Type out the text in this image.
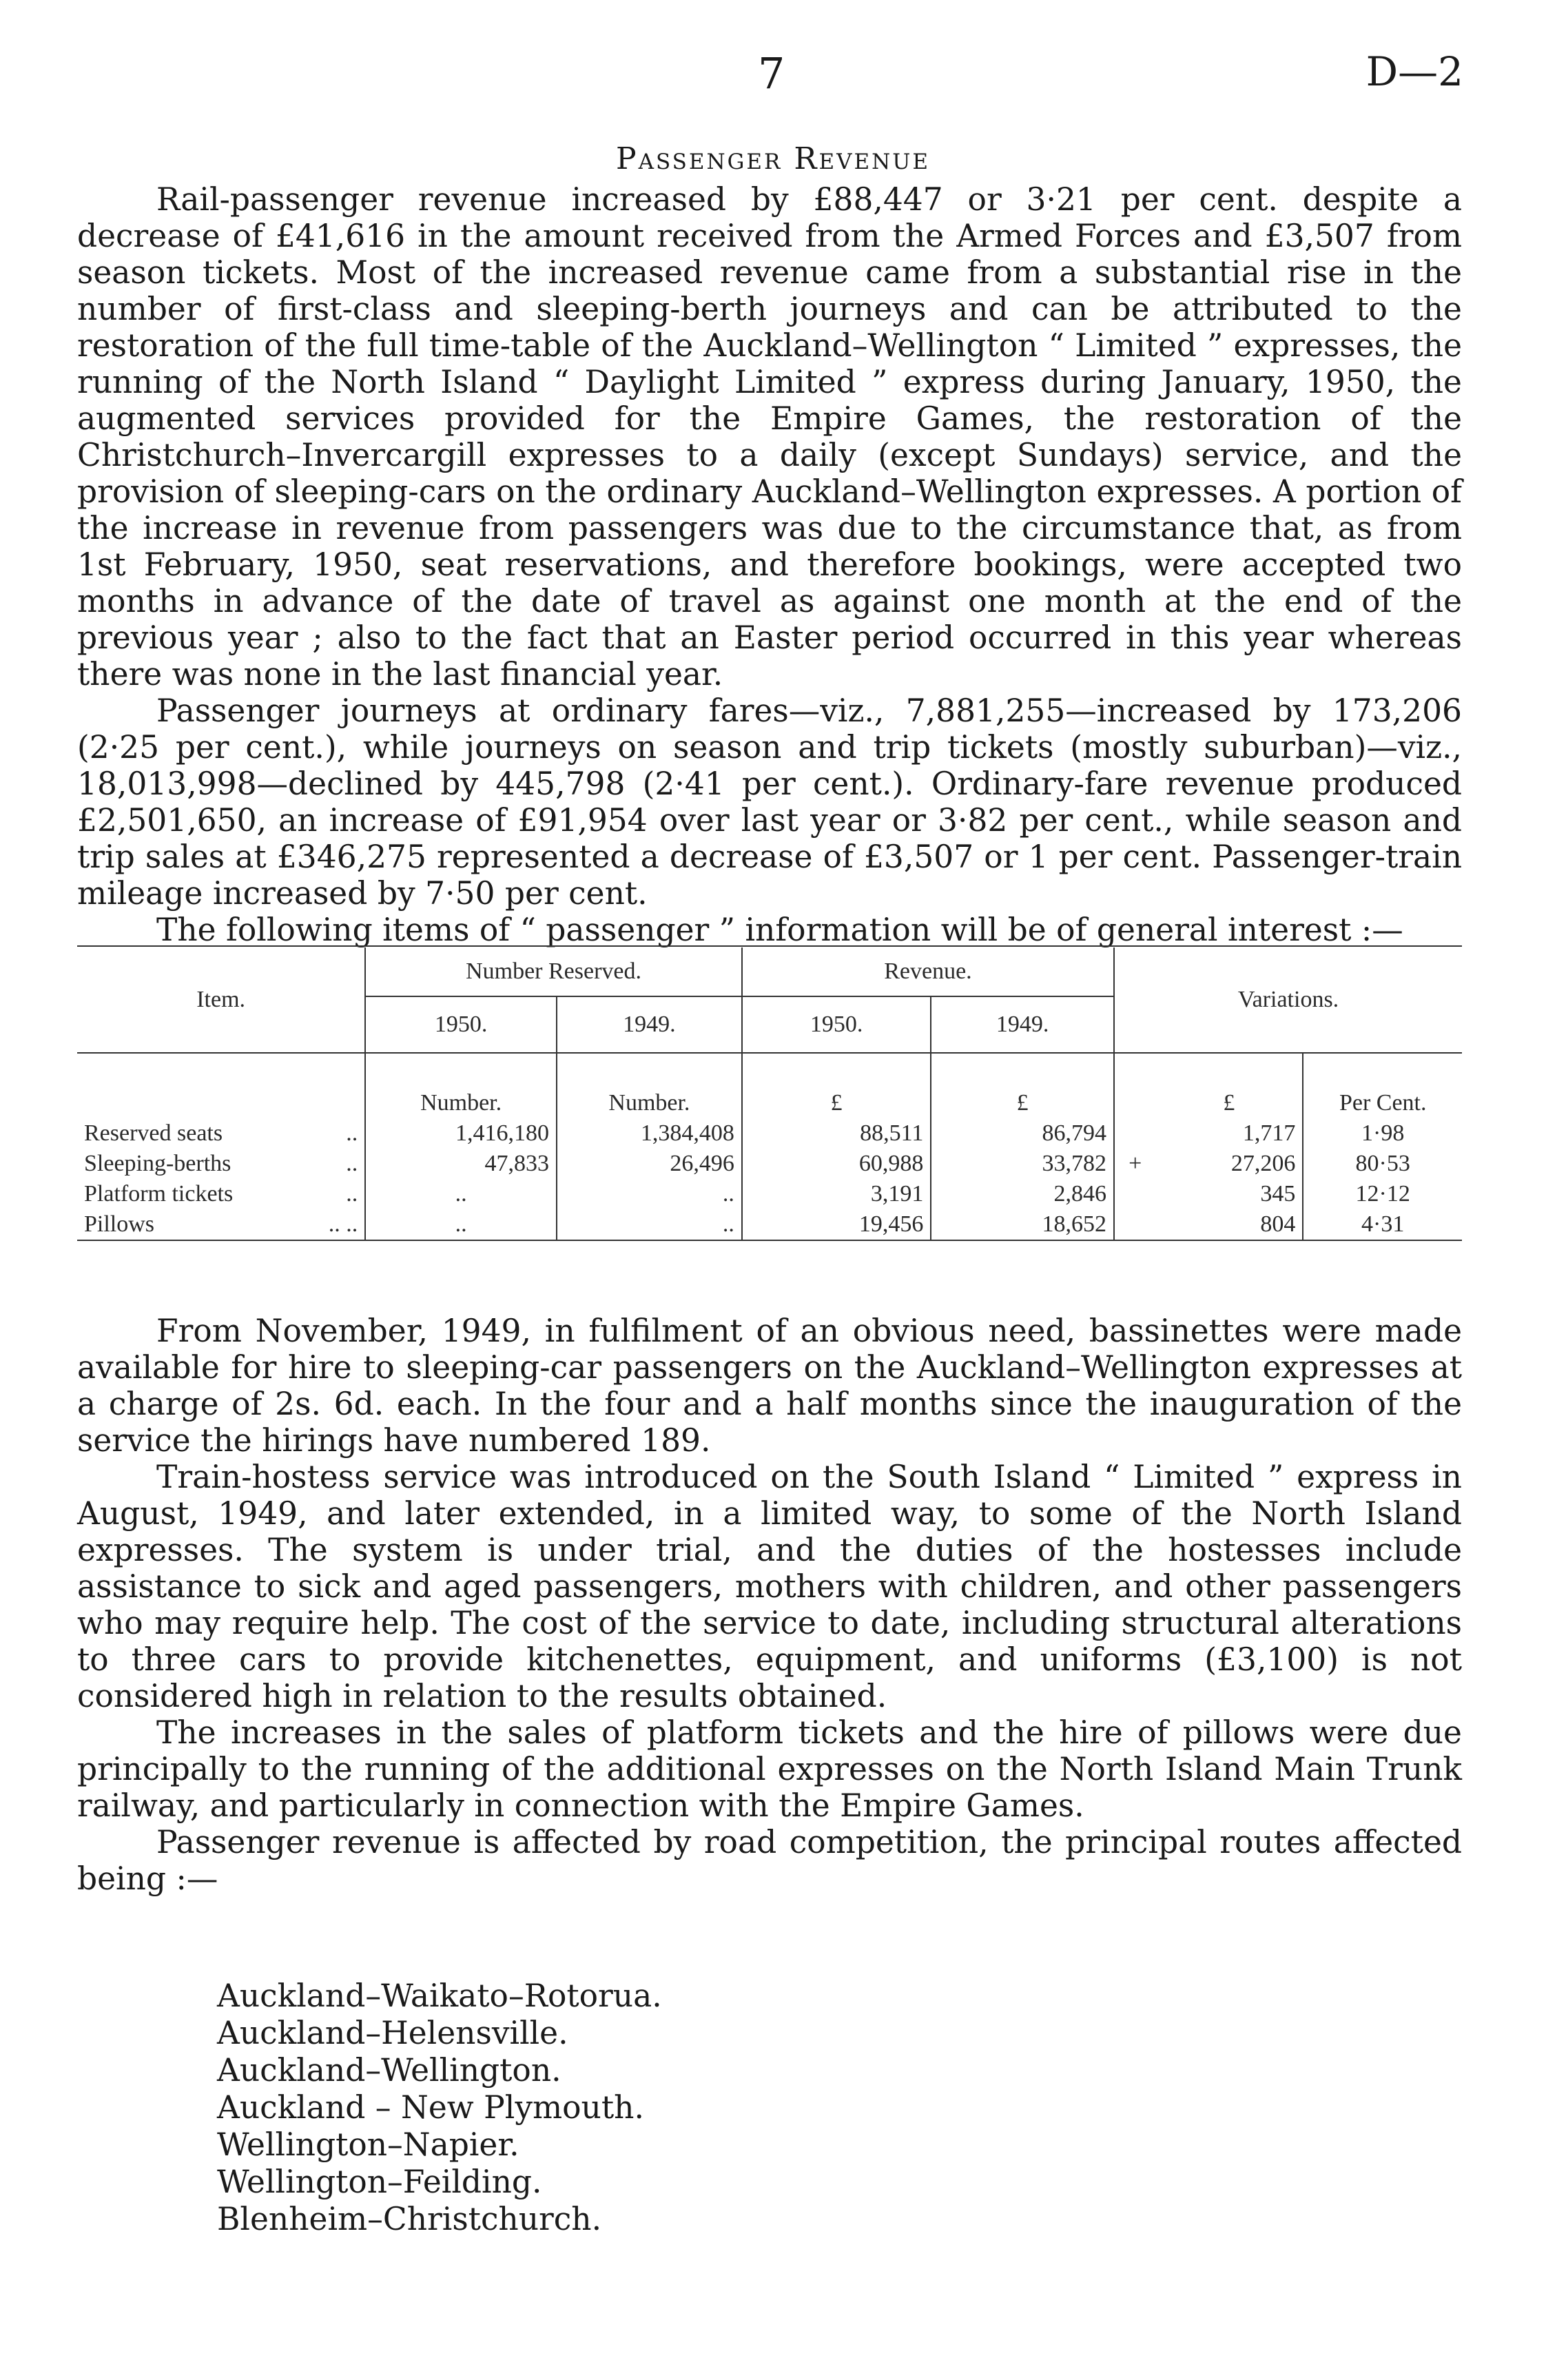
7	D—2
Passenger Revenue

Rail-passenger revenue increased by £88,447 or 3·21 per cent. despite a decrease of £41,616 in the amount received from the Armed Forces and £3,507 from season tickets. Most of the increased revenue came from a substantial rise in the number of first-class and sleeping-berth journeys and can be attributed to the restoration of the full time-table of the Auckland–Wellington “ Limited ” expresses, the running of the North Island “ Daylight Limited ” express during January, 1950, the augmented services provided for the Empire Games, the restoration of the Christchurch–Invercargill expresses to a daily (except Sundays) service, and the provision of sleeping-cars on the ordinary Auckland–Wellington expresses. A portion of the increase in revenue from passengers was due to the circumstance that, as from 1st February, 1950, seat reservations, and therefore bookings, were accepted two months in advance of the date of travel as against one month at the end of the previous year ; also to the fact that an Easter period occurred in this year whereas there was none in the last financial year.

Passenger journeys at ordinary fares—viz., 7,881,255—increased by 173,206 (2·25 per cent.), while journeys on season and trip tickets (mostly suburban)—viz., 18,013,998—declined by 445,798 (2·41 per cent.). Ordinary-fare revenue produced £2,501,650, an increase of £91,954 over last year or 3·82 per cent., while season and trip sales at £346,275 represented a decrease of £3,507 or 1 per cent. Passenger-train mileage increased by 7·50 per cent.

The following items of “ passenger ” information will be of general interest :—

Item.		Number Reserved.		Revenue.		Variations.		
		1950.	1949.	1950.	1949.			
		Number.	Number.	£	£		£	Per Cent.
Reserved seats	..	1,416,180	1,384,408	88,511	86,794		1,717	1·98
Sleeping-berths	..	47,833	26,496	60,988	33,782	+	27,206	80·53
Platform tickets	..	..	..	3,191	2,846		345	12·12
Pillows	.. ..	..	..	19,456	18,652		804	4·31

From November, 1949, in fulfilment of an obvious need, bassinettes were made available for hire to sleeping-car passengers on the Auckland–Wellington expresses at a charge of 2s. 6d. each. In the four and a half months since the inauguration of the service the hirings have numbered 189.

Train-hostess service was introduced on the South Island “ Limited ” express in August, 1949, and later extended, in a limited way, to some of the North Island expresses. The system is under trial, and the duties of the hostesses include assistance to sick and aged passengers, mothers with children, and other passengers who may require help. The cost of the service to date, including structural alterations to three cars to provide kitchenettes, equipment, and uniforms (£3,100) is not considered high in relation to the results obtained.

The increases in the sales of platform tickets and the hire of pillows were due principally to the running of the additional expresses on the North Island Main Trunk railway, and particularly in connection with the Empire Games.

Passenger revenue is affected by road competition, the principal routes affected being :—

Auckland–Waikato–Rotorua.
Auckland–Helensville.
Auckland–Wellington.
Auckland – New Plymouth.
Wellington–Napier.
Wellington–Feilding.
Blenheim–Christchurch.
